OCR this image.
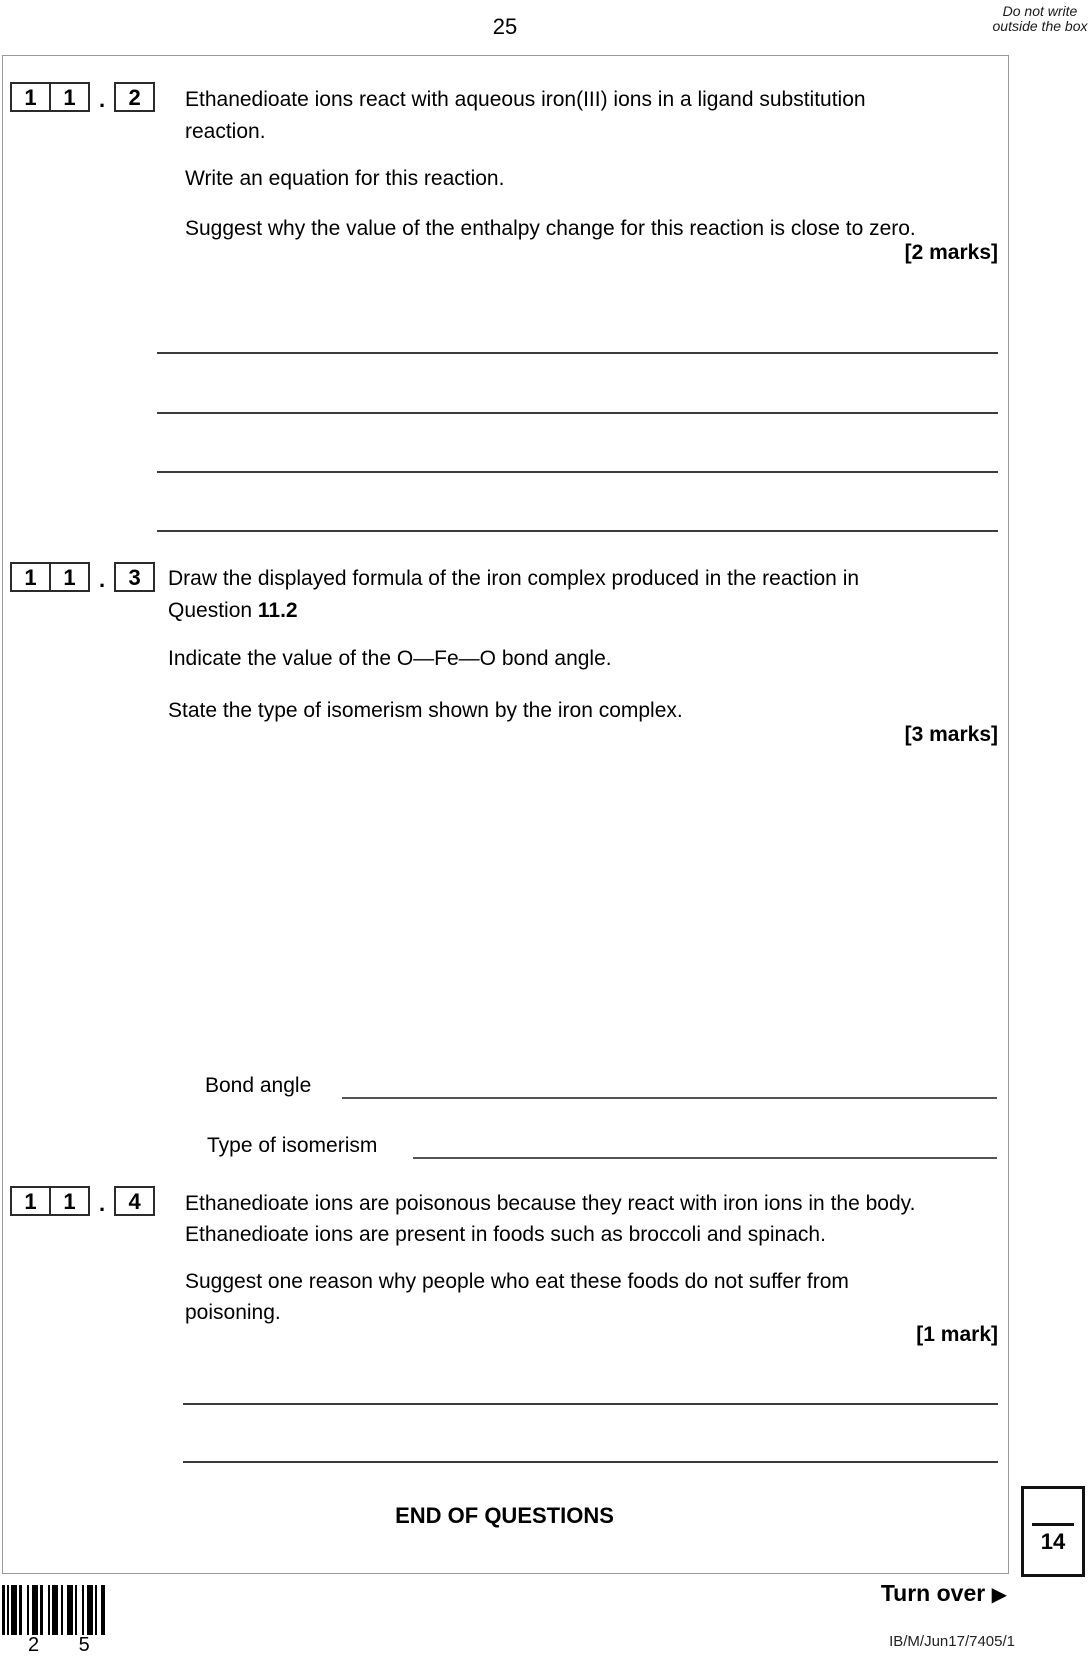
25
Do not write outside the box
1	1	.	2	Ethanedioate ions react with aqueous iron(III) ions in a ligand substitution
reaction.
Write an equation for this reaction.
Suggest why the value of the enthalpy change for this reaction is close to zero.
[2 marks]
1	1	.	3	Draw the displayed formula of the iron complex produced in the reaction in
Question 11.2
Indicate the value of the O—Fe—O bond angle.
State the type of isomerism shown by the iron complex.
[3 marks]
Bond angle
Type of isomerism
1	1	.	4	Ethanedioate ions are poisonous because they react with iron ions in the body.
Ethanedioate ions are present in foods such as broccoli and spinach.
Suggest one reason why people who eat these foods do not suffer from
poisoning.
[1 mark]
END OF QUESTIONS
14
2 5
Turn over ▶
IB/M/Jun17/7405/1
